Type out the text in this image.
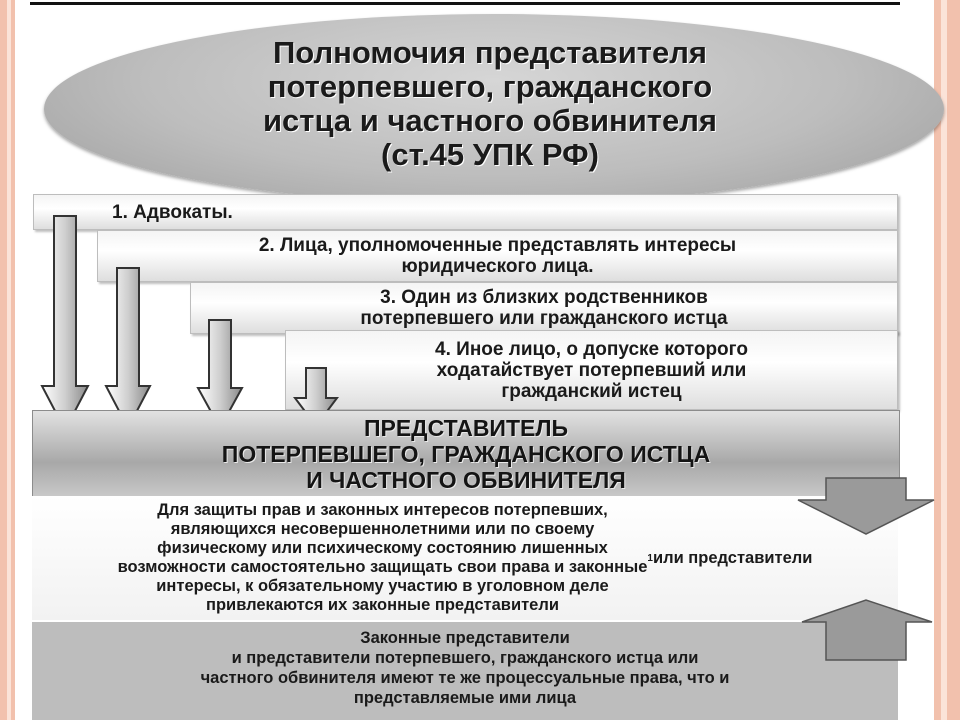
Полномочия представителя
потерпевшего, гражданского
истца и частного обвинителя
(ст.45 УПК РФ)
1. Адвокаты.
2. Лица, уполномоченные представлять интересы
юридического лица.
3. Один из близких родственников
потерпевшего или гражданского истца
4. Иное лицо, о допуске которого
ходатайствует потерпевший или
гражданский истец
ПРЕДСТАВИТЕЛЬ
ПОТЕРПЕВШЕГО, ГРАЖДАНСКОГО ИСТЦА
И ЧАСТНОГО ОБВИНИТЕЛЯ
Для защиты прав и законных интересов потерпевших,
являющихся несовершеннолетними или по своему
физическому или психическому состоянию лишенных
возможности самостоятельно защищать свои права и законные
интересы, к обязательному участию в уголовном деле
привлекаются их законные представители
1 или представители
Законные представители
и представители потерпевшего, гражданского истца или
частного обвинителя имеют те же процессуальные права, что и
представляемые ими лица
